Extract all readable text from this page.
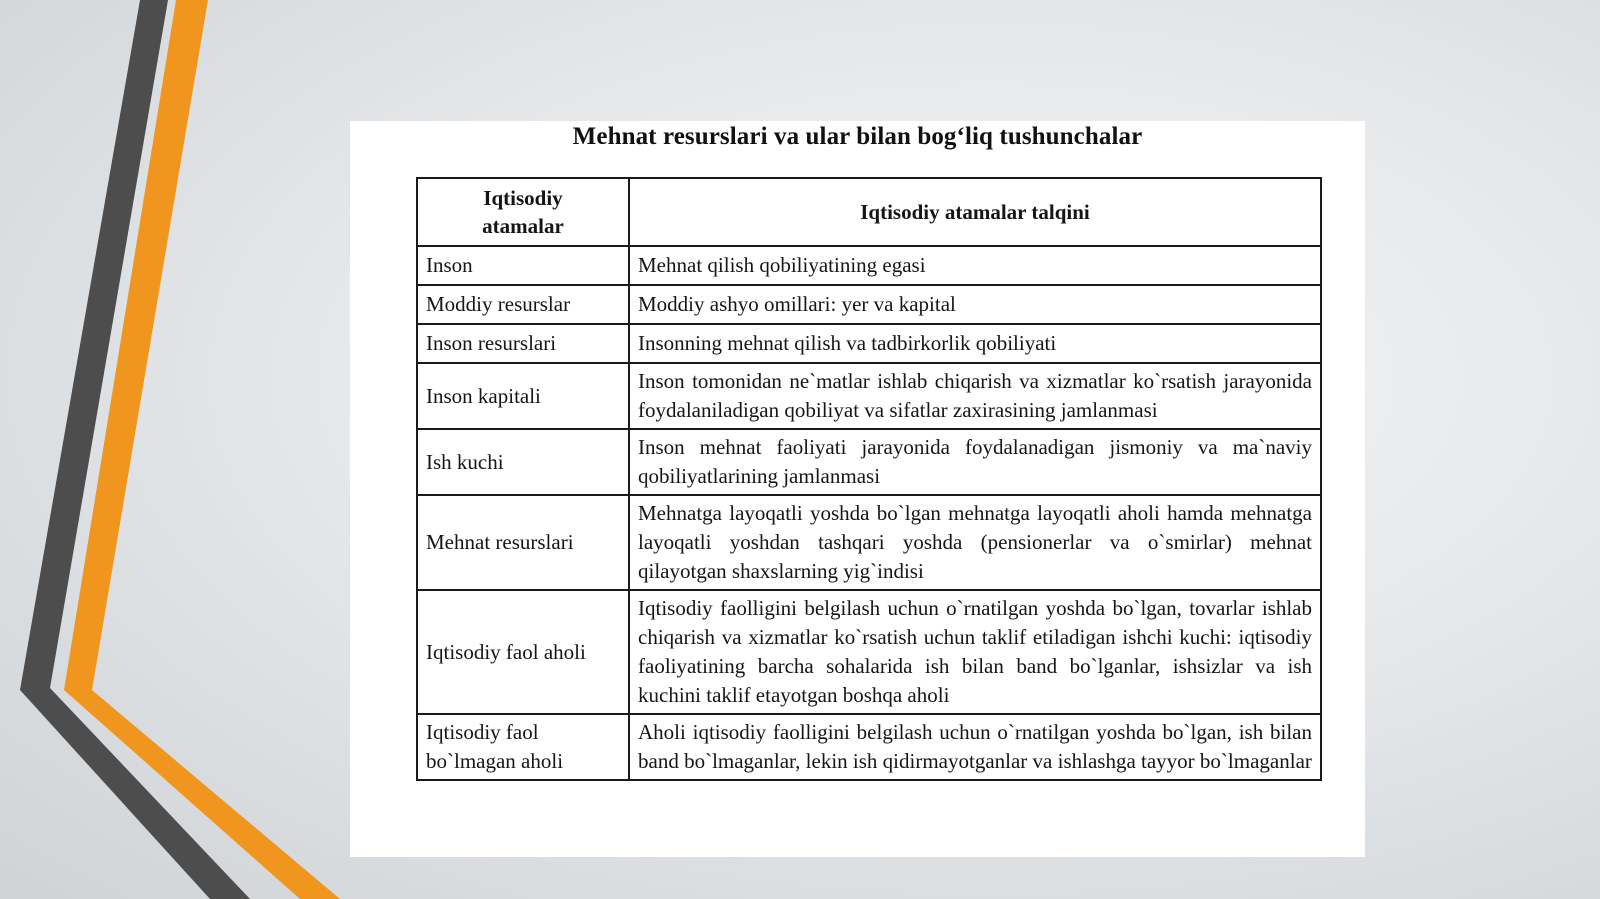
Mehnat resurslari va ular bilan bog‘liq tushunchalar
Iqtisodiy atamalar	Iqtisodiy atamalar talqini
Inson	Mehnat qilish qobiliyatining egasi
Moddiy resurslar	Moddiy ashyo omillari: yer va kapital
Inson resurslari	Insonning mehnat qilish va tadbirkorlik qobiliyati
Inson kapitali	Inson tomonidan ne`matlar ishlab chiqarish va xizmatlar ko`rsatish jarayonida foydalaniladigan qobiliyat va sifatlar zaxirasining jamlanmasi
Ish kuchi	Inson mehnat faoliyati jarayonida foydalanadigan jismoniy va ma`naviy qobiliyatlarining jamlanmasi
Mehnat resurslari	Mehnatga layoqatli yoshda bo`lgan mehnatga layoqatli aholi hamda mehnatga layoqatli yoshdan tashqari yoshda (pensionerlar va o`smirlar) mehnat qilayotgan shaxslarning yig`indisi
Iqtisodiy faol aholi	Iqtisodiy faolligini belgilash uchun o`rnatilgan yoshda bo`lgan, tovarlar ishlab chiqarish va xizmatlar ko`rsatish uchun taklif etiladigan ishchi kuchi: iqtisodiy faoliyatining barcha sohalarida ish bilan band bo`lganlar, ishsizlar va ish kuchini taklif etayotgan boshqa aholi
Iqtisodiy faol bo`lmagan aholi	Aholi iqtisodiy faolligini belgilash uchun o`rnatilgan yoshda bo`lgan, ish bilan band bo`lmaganlar, lekin ish qidirmayotganlar va ishlashga tayyor bo`lmaganlar
